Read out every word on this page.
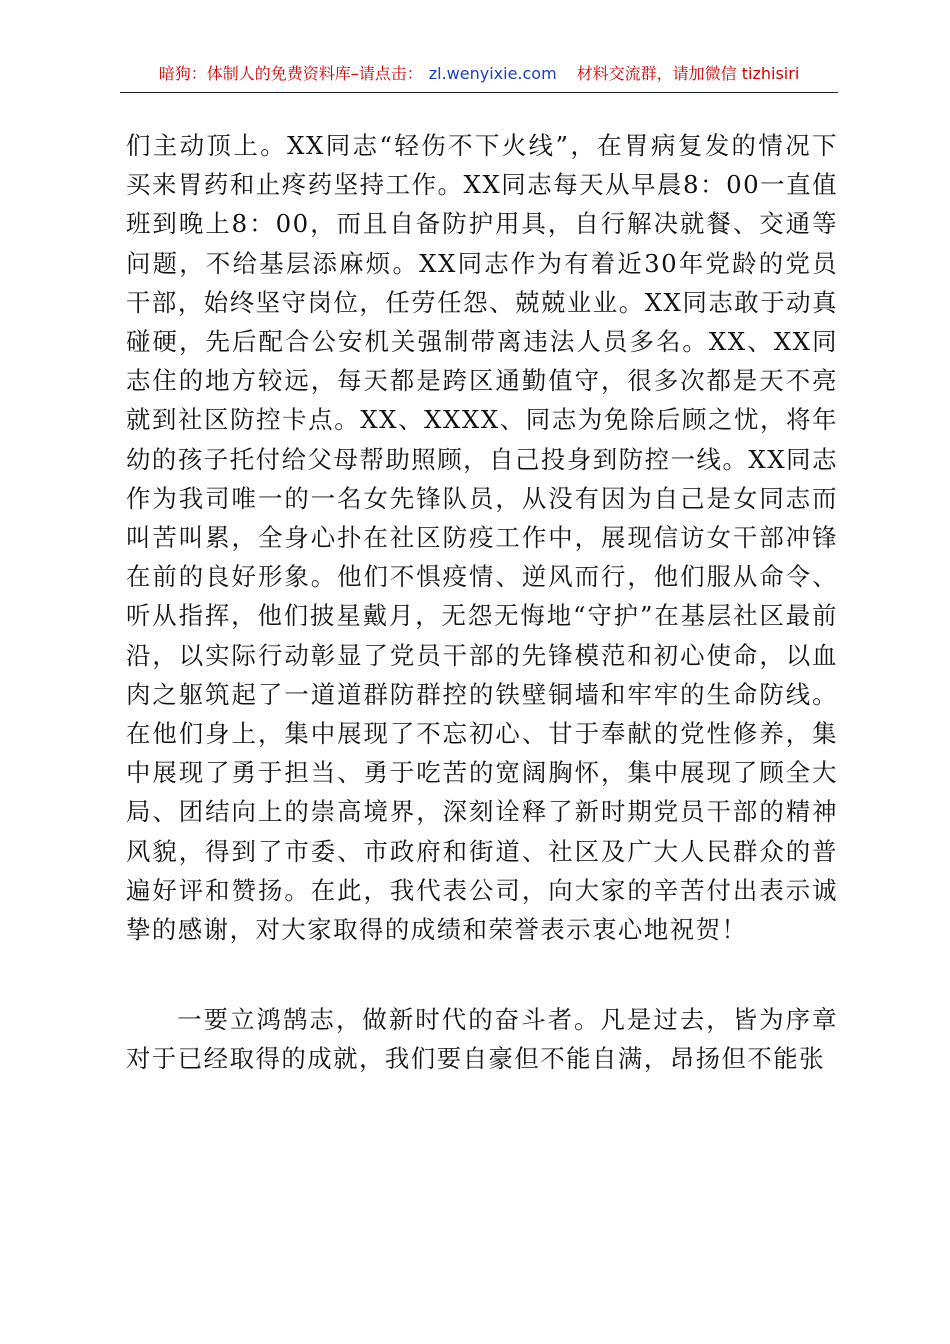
暗狗：体制人的免费资料库–请点击： zl.wenyixie.com 材料交流群，请加微信 tizhisiri

们主动顶上。XX同志“轻伤不下火线”，在胃病复发的情况下买来胃药和止疼药坚持工作。XX同志每天从早晨8：00一直值班到晚上8：00，而且自备防护用具，自行解决就餐、交通等问题，不给基层添麻烦。XX同志作为有着近30年党龄的党员干部，始终坚守岗位，任劳任怨、兢兢业业。XX同志敢于动真碰硬，先后配合公安机关强制带离违法人员多名。XX、XX同志住的地方较远，每天都是跨区通勤值守，很多次都是天不亮就到社区防控卡点。XX、XXXX、同志为免除后顾之忧，将年幼的孩子托付给父母帮助照顾，自己投身到防控一线。XX同志作为我司唯一的一名女先锋队员，从没有因为自己是女同志而叫苦叫累，全身心扑在社区防疫工作中，展现信访女干部冲锋在前的良好形象。他们不惧疫情、逆风而行，他们服从命令、听从指挥，他们披星戴月，无怨无悔地“守护”在基层社区最前沿，以实际行动彰显了党员干部的先锋模范和初心使命，以血肉之躯筑起了一道道群防群控的铁壁铜墙和牢牢的生命防线。在他们身上，集中展现了不忘初心、甘于奉献的党性修养，集中展现了勇于担当、勇于吃苦的宽阔胸怀，集中展现了顾全大局、团结向上的崇高境界，深刻诠释了新时期党员干部的精神风貌，得到了市委、市政府和街道、社区及广大人民群众的普遍好评和赞扬。在此，我代表公司，向大家的辛苦付出表示诚挚的感谢，对大家取得的成绩和荣誉表示衷心地祝贺！

一要立鸿鹄志，做新时代的奋斗者。凡是过去，皆为序章对于已经取得的成就，我们要自豪但不能自满，昂扬但不能张
